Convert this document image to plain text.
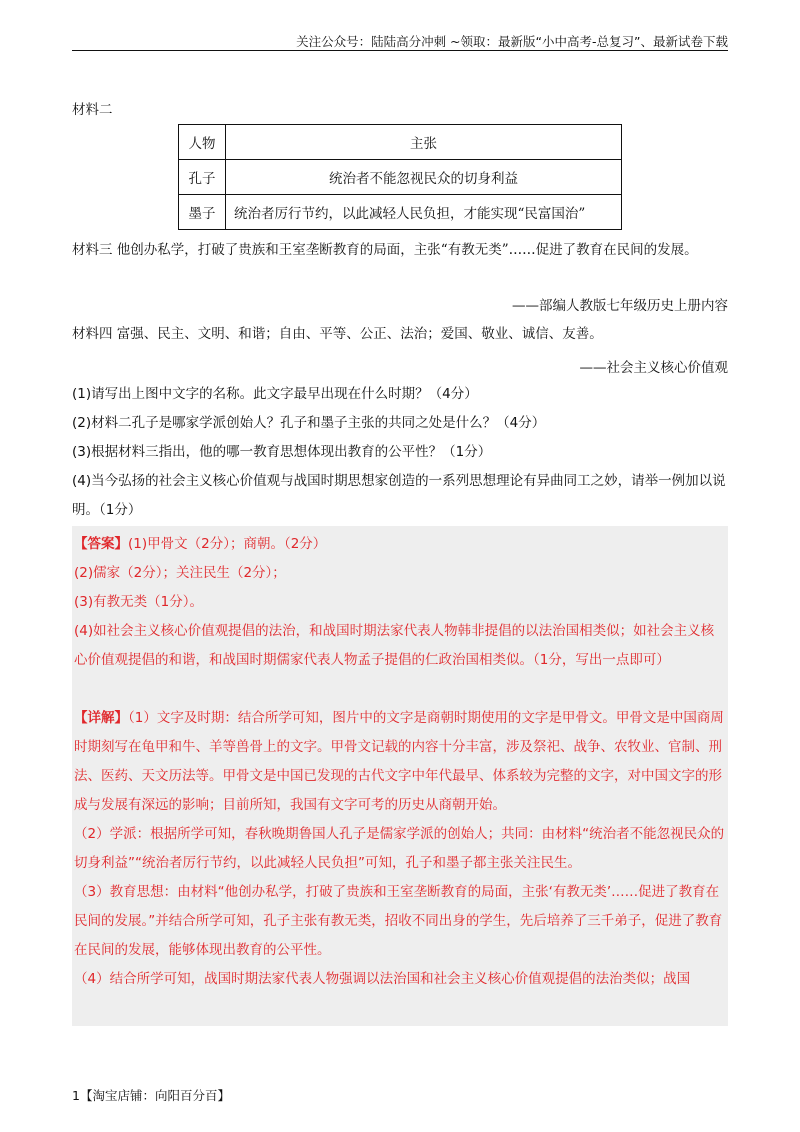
关注公众号：陆陆高分冲刺 ~领取：最新版“小中高考-总复习”、最新试卷下载
材料二
人物	主张
孔子	统治者不能忽视民众的切身利益
墨子	统治者厉行节约，以此减轻人民负担，才能实现“民富国治”
材料三 他创办私学，打破了贵族和王室垄断教育的局面，主张“有教无类”……促进了教育在民间的发展。
——部编人教版七年级历史上册内容
材料四 富强、民主、文明、和谐；自由、平等、公正、法治；爱国、敬业、诚信、友善。
——社会主义核心价值观
(1)请写出上图中文字的名称。此文字最早出现在什么时期？（4分）
(2)材料二孔子是哪家学派创始人？孔子和墨子主张的共同之处是什么？（4分）
(3)根据材料三指出，他的哪一教育思想体现出教育的公平性？（1分）
(4)当今弘扬的社会主义核心价值观与战国时期思想家创造的一系列思想理论有异曲同工之妙，请举一例加以说明。（1分）
【答案】(1)甲骨文（2分）；商朝。（2分）
(2)儒家（2分）；关注民生（2分）；
(3)有教无类（1分）。
(4)如社会主义核心价值观提倡的法治，和战国时期法家代表人物韩非提倡的以法治国相类似；如社会主义核心价值观提倡的和谐，和战国时期儒家代表人物孟子提倡的仁政治国相类似。（1分，写出一点即可）
【详解】（1）文字及时期：结合所学可知，图片中的文字是商朝时期使用的文字是甲骨文。甲骨文是中国商周时期刻写在龟甲和牛、羊等兽骨上的文字。甲骨文记载的内容十分丰富，涉及祭祀、战争、农牧业、官制、刑法、医药、天文历法等。甲骨文是中国已发现的古代文字中年代最早、体系较为完整的文字，对中国文字的形成与发展有深远的影响；目前所知，我国有文字可考的历史从商朝开始。
（2）学派：根据所学可知，春秋晚期鲁国人孔子是儒家学派的创始人；共同：由材料“统治者不能忽视民众的切身利益”“统治者厉行节约，以此减轻人民负担”可知，孔子和墨子都主张关注民生。
（3）教育思想：由材料“他创办私学，打破了贵族和王室垄断教育的局面，主张‘有教无类’……促进了教育在民间的发展。”并结合所学可知，孔子主张有教无类，招收不同出身的学生，先后培养了三千弟子，促进了教育在民间的发展，能够体现出教育的公平性。
（4）结合所学可知，战国时期法家代表人物强调以法治国和社会主义核心价值观提倡的法治类似；战国
1【淘宝店铺：向阳百分百】
